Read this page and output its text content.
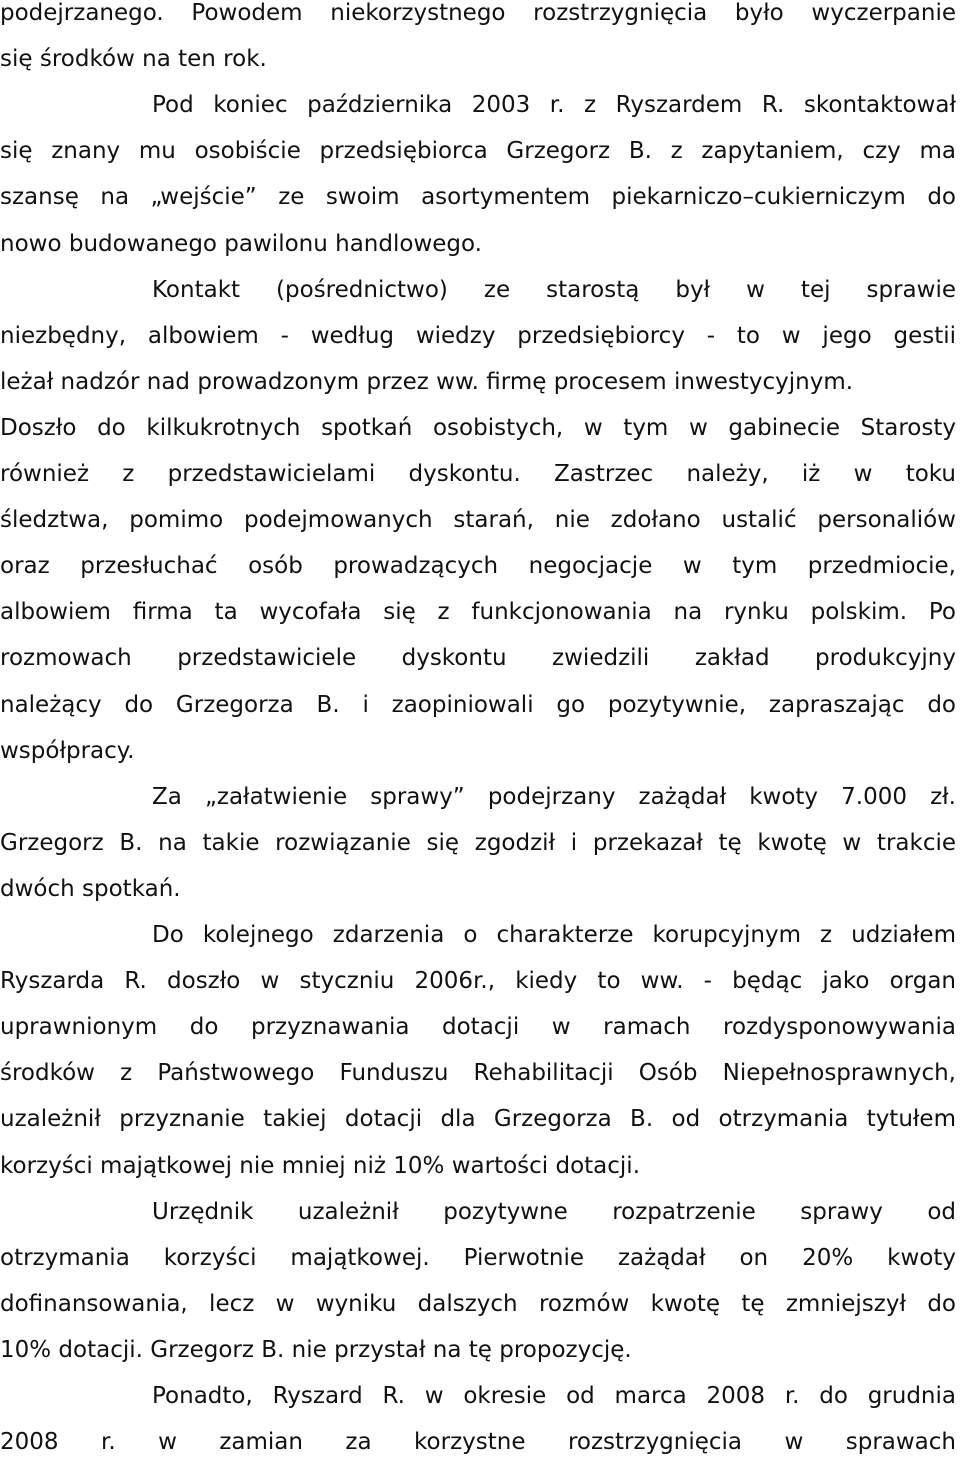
podejrzanego. Powodem niekorzystnego rozstrzygnięcia było wyczerpanie
się środków na ten rok.
Pod koniec października 2003 r. z Ryszardem R. skontaktował
się znany mu osobiście przedsiębiorca Grzegorz B. z zapytaniem, czy ma
szansę na „wejście” ze swoim asortymentem piekarniczo–cukierniczym do
nowo budowanego pawilonu handlowego.
Kontakt (pośrednictwo) ze starostą był w tej sprawie
niezbędny, albowiem - według wiedzy przedsiębiorcy - to w jego gestii
leżał nadzór nad prowadzonym przez ww. firmę procesem inwestycyjnym.
Doszło do kilkukrotnych spotkań osobistych, w tym w gabinecie Starosty
również z przedstawicielami dyskontu. Zastrzec należy, iż w toku
śledztwa, pomimo podejmowanych starań, nie zdołano ustalić personaliów
oraz przesłuchać osób prowadzących negocjacje w tym przedmiocie,
albowiem firma ta wycofała się z funkcjonowania na rynku polskim. Po
rozmowach przedstawiciele dyskontu zwiedzili zakład produkcyjny
należący do Grzegorza B. i zaopiniowali go pozytywnie, zapraszając do
współpracy.
Za „załatwienie sprawy” podejrzany zażądał kwoty 7.000 zł.
Grzegorz B. na takie rozwiązanie się zgodził i przekazał tę kwotę w trakcie
dwóch spotkań.
Do kolejnego zdarzenia o charakterze korupcyjnym z udziałem
Ryszarda R. doszło w styczniu 2006r., kiedy to ww. - będąc jako organ
uprawnionym do przyznawania dotacji w ramach rozdysponowywania
środków z Państwowego Funduszu Rehabilitacji Osób Niepełnosprawnych,
uzależnił przyznanie takiej dotacji dla Grzegorza B. od otrzymania tytułem
korzyści majątkowej nie mniej niż 10% wartości dotacji.
Urzędnik uzależnił pozytywne rozpatrzenie sprawy od
otrzymania korzyści majątkowej. Pierwotnie zażądał on 20% kwoty
dofinansowania, lecz w wyniku dalszych rozmów kwotę tę zmniejszył do
10% dotacji. Grzegorz B. nie przystał na tę propozycję.
Ponadto, Ryszard R. w okresie od marca 2008 r. do grudnia
2008 r. w zamian za korzystne rozstrzygnięcia w sprawach
